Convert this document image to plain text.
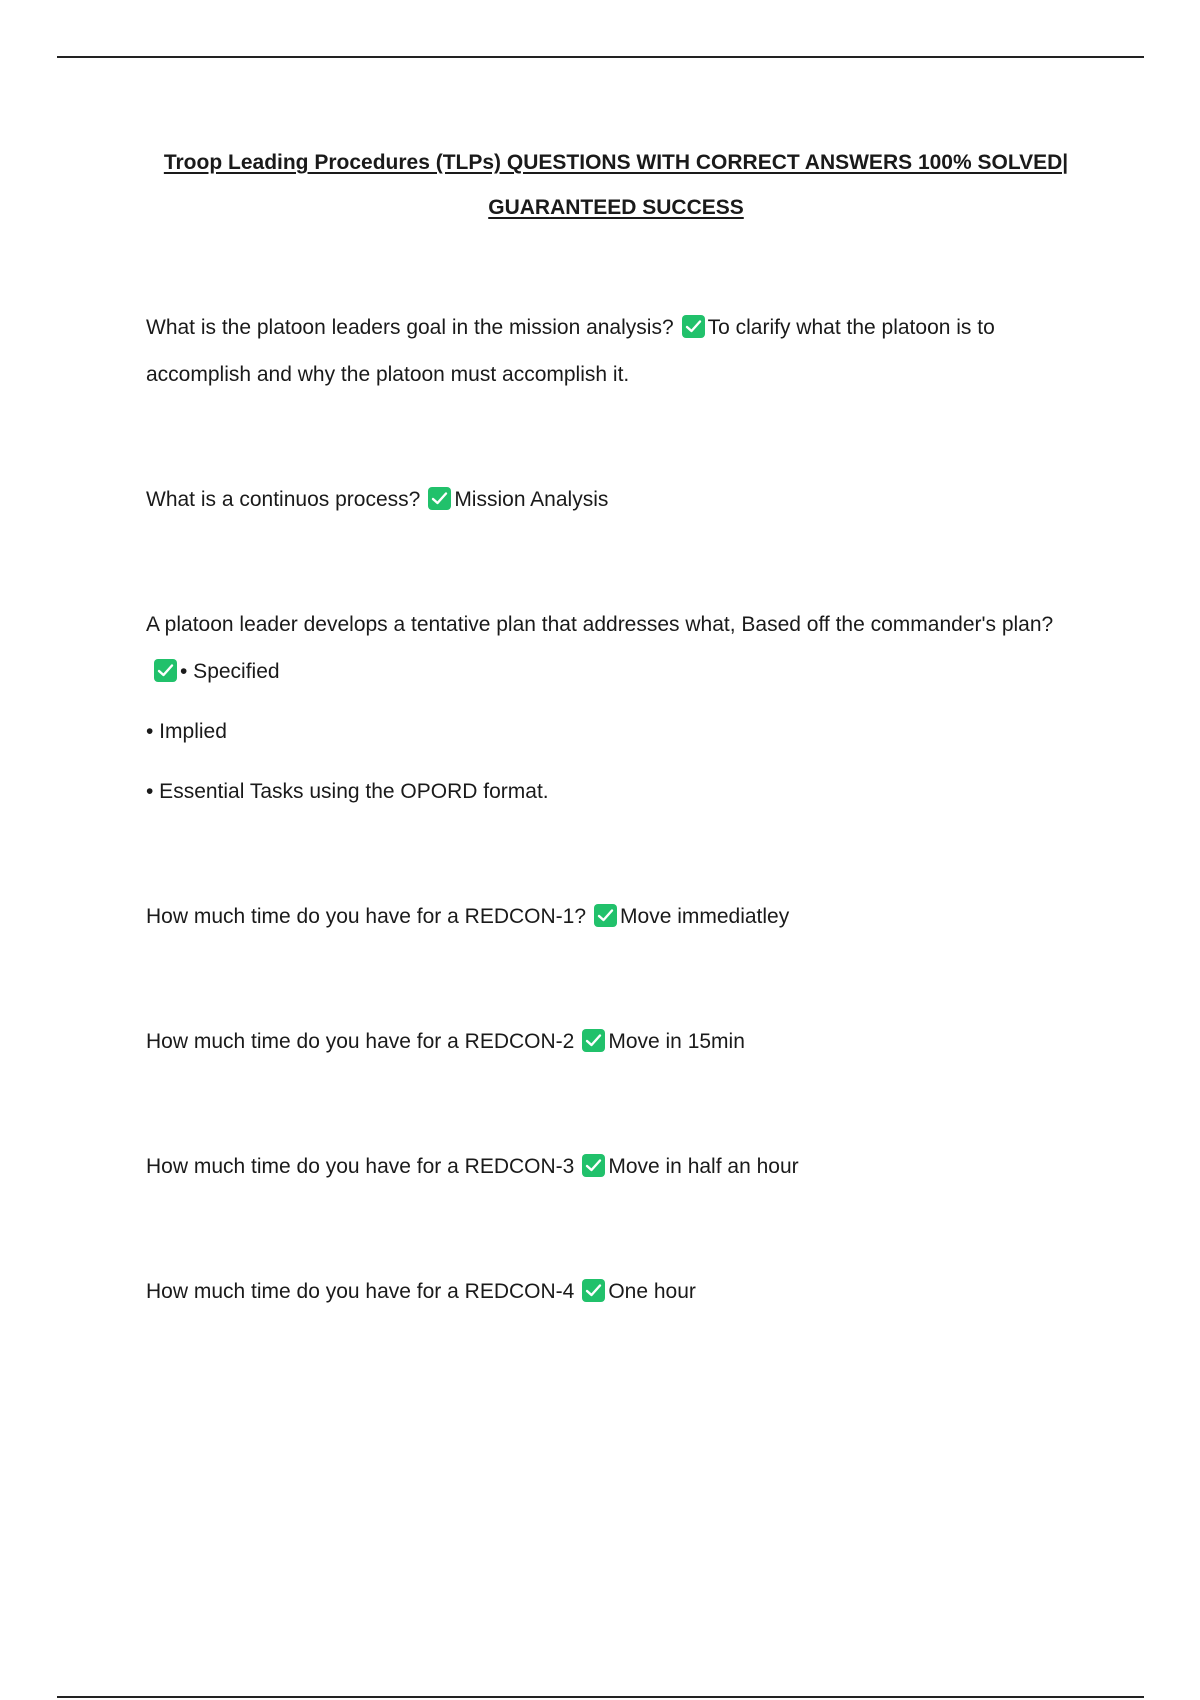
Troop Leading Procedures (TLPs) QUESTIONS WITH CORRECT ANSWERS 100% SOLVED| GUARANTEED SUCCESS

What is the platoon leaders goal in the mission analysis? To clarify what the platoon is to accomplish and why the platoon must accomplish it.

What is a continuos process? Mission Analysis

A platoon leader develops a tentative plan that addresses what, Based off the commander's plan?
• Specified

• Implied

• Essential Tasks using the OPORD format.

How much time do you have for a REDCON-1? Move immediatley

How much time do you have for a REDCON-2 Move in 15min

How much time do you have for a REDCON-3 Move in half an hour

How much time do you have for a REDCON-4 One hour
